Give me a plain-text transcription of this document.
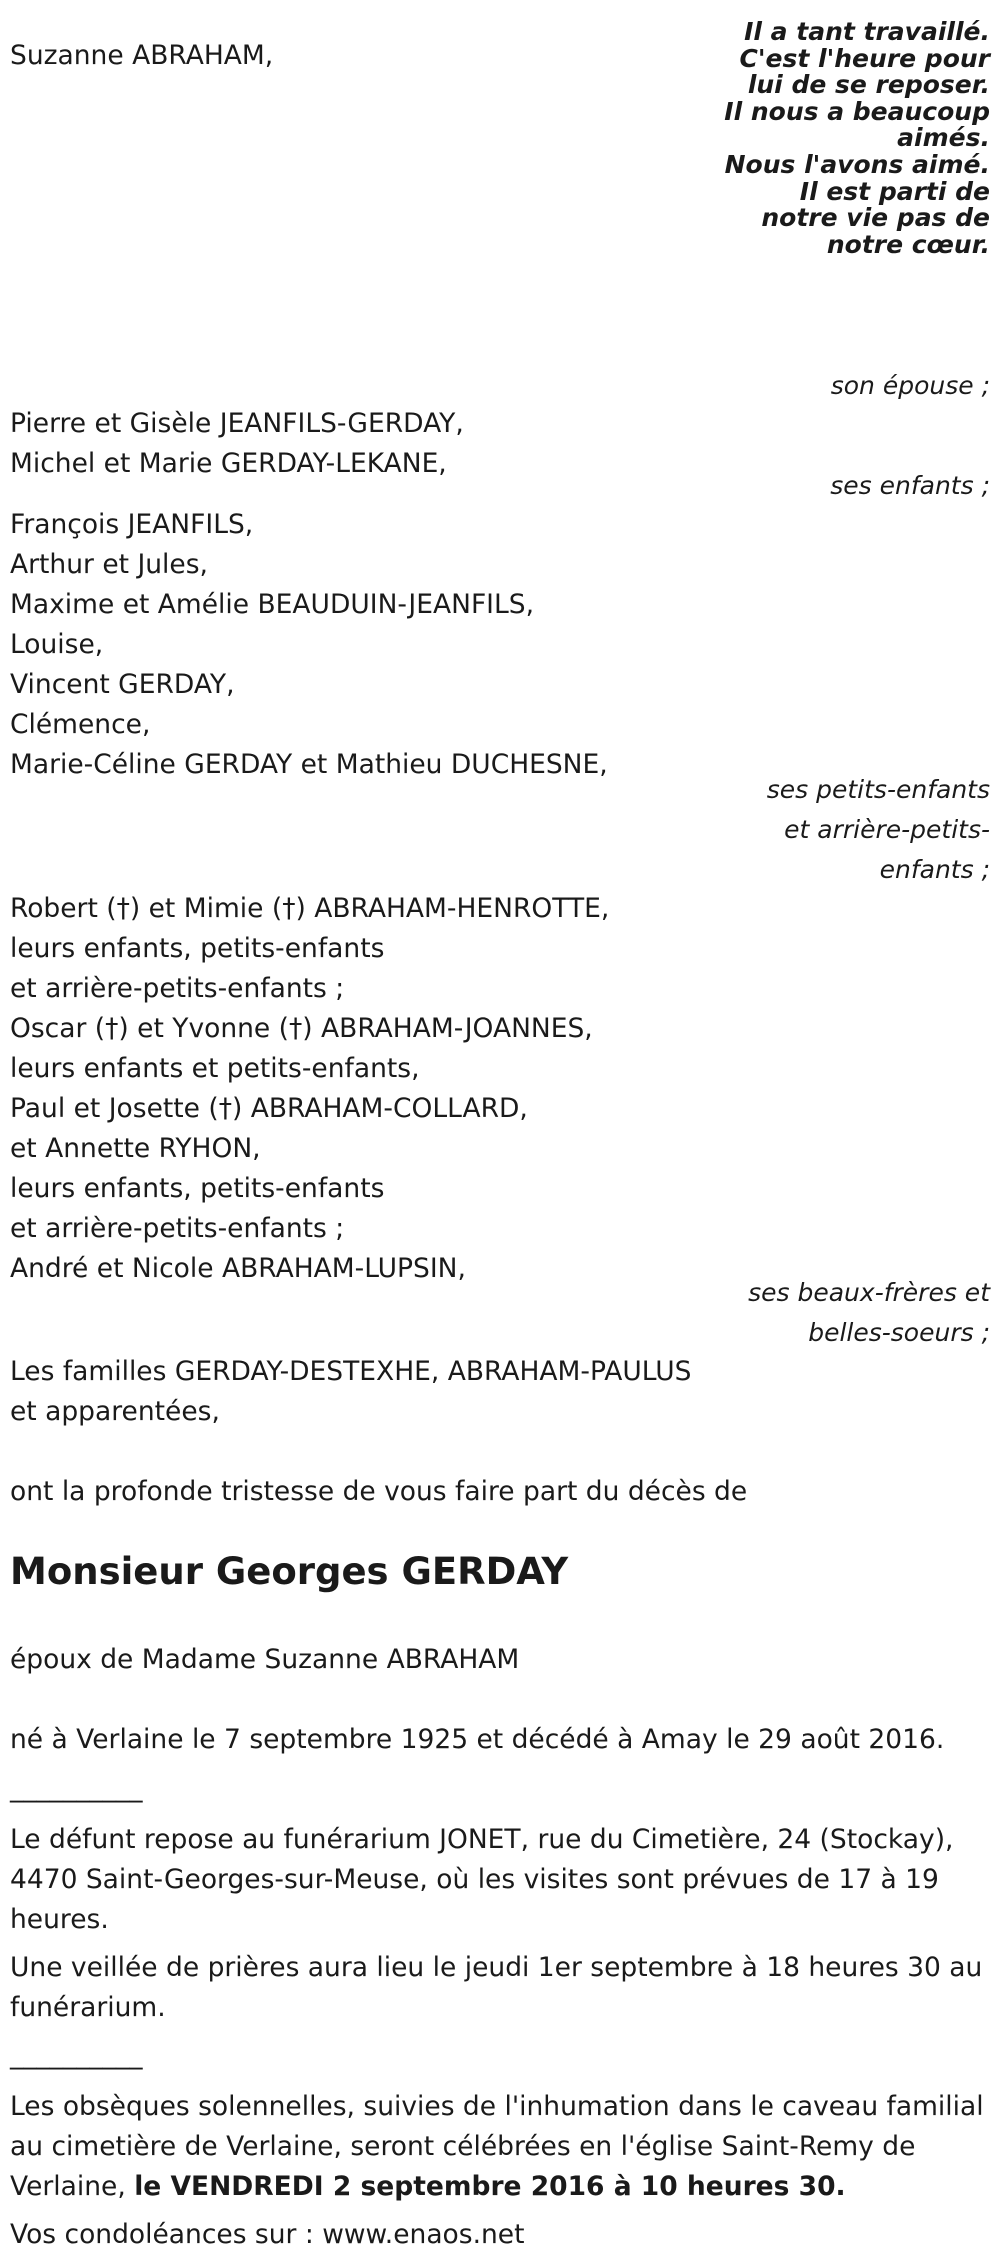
Suzanne ABRAHAM,

Il a tant travaillé.
C'est l'heure pour
lui de se reposer.
Il nous a beaucoup
aimés.
Nous l'avons aimé.
Il est parti de
notre vie pas de
notre cœur.

son épouse ;

Pierre et Gisèle JEANFILS-GERDAY,
Michel et Marie GERDAY-LEKANE,

ses enfants ;

François JEANFILS,
Arthur et Jules,
Maxime et Amélie BEAUDUIN-JEANFILS,
Louise,
Vincent GERDAY,
Clémence,
Marie-Céline GERDAY et Mathieu DUCHESNE,
ses petits-enfants
et arrière-petits-
enfants ;
Robert (†) et Mimie (†) ABRAHAM-HENROTTE,
leurs enfants, petits-enfants
et arrière-petits-enfants ;
Oscar (†) et Yvonne (†) ABRAHAM-JOANNES,
leurs enfants et petits-enfants,
Paul et Josette (†) ABRAHAM-COLLARD,
et Annette RYHON,
leurs enfants, petits-enfants
et arrière-petits-enfants ;
André et Nicole ABRAHAM-LUPSIN,
ses beaux-frères et
belles-soeurs ;
Les familles GERDAY-DESTEXHE, ABRAHAM-PAULUS
et apparentées,

ont la profonde tristesse de vous faire part du décès de

Monsieur Georges GERDAY

époux de Madame Suzanne ABRAHAM

né à Verlaine le 7 septembre 1925 et décédé à Amay le 29 août 2016.

__________

Le défunt repose au funérarium JONET, rue du Cimetière, 24 (Stockay),
4470 Saint-Georges-sur-Meuse, où les visites sont prévues de 17 à 19
heures.
Une veillée de prières aura lieu le jeudi 1er septembre à 18 heures 30 au
funérarium.

__________

Les obsèques solennelles, suivies de l'inhumation dans le caveau familial
au cimetière de Verlaine, seront célébrées en l'église Saint-Remy de
Verlaine, le VENDREDI 2 septembre 2016 à 10 heures 30.

Vos condoléances sur : www.enaos.net
